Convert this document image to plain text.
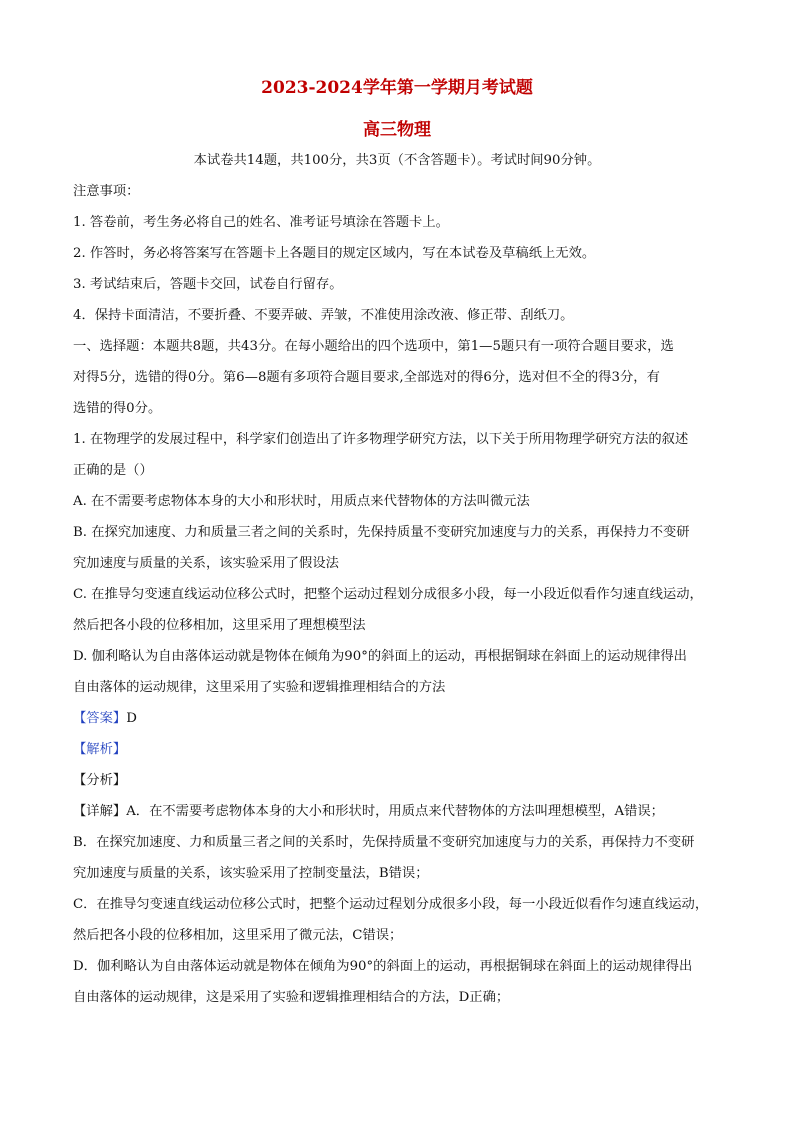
2023-2024学年第一学期月考试题
高三物理
本试卷共14题，共100分，共3页（不含答题卡）。考试时间90分钟。
注意事项：
1. 答卷前，考生务必将自己的姓名、准考证号填涂在答题卡上。
2. 作答时，务必将答案写在答题卡上各题目的规定区域内，写在本试卷及草稿纸上无效。
3. 考试结束后，答题卡交回，试卷自行留存。
4．保持卡面清洁，不要折叠、不要弄破、弄皱，不准使用涂改液、修正带、刮纸刀。
一、选择题：本题共8题，共43分。在每小题给出的四个选项中，第1—5题只有一项符合题目要求，选
对得5分，选错的得0分。第6—8题有多项符合题目要求,全部选对的得6分，选对但不全的得3分，有
选错的得0分。
1. 在物理学的发展过程中，科学家们创造出了许多物理学研究方法，以下关于所用物理学研究方法的叙述
正确的是（）
A. 在不需要考虑物体本身的大小和形状时，用质点来代替物体的方法叫微元法
B. 在探究加速度、力和质量三者之间的关系时，先保持质量不变研究加速度与力的关系，再保持力不变研
究加速度与质量的关系，该实验采用了假设法
C. 在推导匀变速直线运动位移公式时，把整个运动过程划分成很多小段，每一小段近似看作匀速直线运动，
然后把各小段的位移相加，这里采用了理想模型法
D. 伽利略认为自由落体运动就是物体在倾角为90°的斜面上的运动，再根据铜球在斜面上的运动规律得出
自由落体的运动规律，这里采用了实验和逻辑推理相结合的方法
【答案】D
【解析】
【分析】
【详解】A．在不需要考虑物体本身的大小和形状时，用质点来代替物体的方法叫理想模型，A错误；
B．在探究加速度、力和质量三者之间的关系时，先保持质量不变研究加速度与力的关系，再保持力不变研
究加速度与质量的关系，该实验采用了控制变量法，B错误；
C．在推导匀变速直线运动位移公式时，把整个运动过程划分成很多小段，每一小段近似看作匀速直线运动，
然后把各小段的位移相加，这里采用了微元法，C错误；
D．伽利略认为自由落体运动就是物体在倾角为90°的斜面上的运动，再根据铜球在斜面上的运动规律得出
自由落体的运动规律，这是采用了实验和逻辑推理相结合的方法，D正确；
